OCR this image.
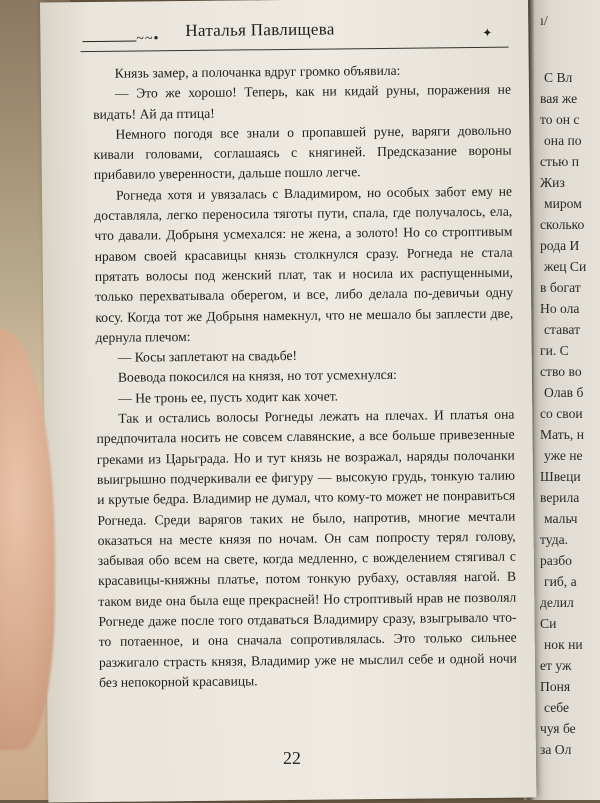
ı/
С Вл
вая же
то он с
она по
стью п
Жиз
миром
сколько
рода И
жец Си
в богат
Но ола
стават
ги. С
ство во
Олав б
со свои
Мать, н
уже не
Швеци
верила
мальч
туда.
разбо
гиб, а
делил
Си
нок ни
ет уж
Поня
себе
чуя бе
за Ол
~~• Наталья Павлищева	✦

Князь замер, а полочанка вдруг громко объявила:

— Это же хорошо! Теперь, как ни кидай руны, поражения не видать! Ай да птица!

Немного погодя все знали о пропавшей руне, варяги довольно кивали головами, соглашаясь с княгиней. Предсказание вороны прибавило уверенности, дальше пошло легче.

Рогнеда хотя и увязалась с Владимиром, но особых забот ему не доставляла, легко переносила тяготы пути, спала, где получалось, ела, что давали. Добрыня усмехался: не жена, а золото! Но со строптивым нравом своей красавицы князь столкнулся сразу. Рогнеда не стала прятать волосы под женский плат, так и носила их распущенными, только перехватывала оберегом, и все, либо делала по-девичьи одну косу. Когда тот же Добрыня намекнул, что не мешало бы заплести две, дернула плечом:

— Косы заплетают на свадьбе!

Воевода покосился на князя, но тот усмехнулся:

— Не тронь ее, пусть ходит как хочет.

Так и остались волосы Рогнеды лежать на плечах. И платья она предпочитала носить не совсем славянские, а все больше привезенные греками из Царьграда. Но и тут князь не возражал, наряды полочанки выигрышно подчеркивали ее фигуру — высокую грудь, тонкую талию и крутые бедра. Владимир не думал, что кому-то может не понравиться Рогнеда. Среди варягов таких не было, напротив, многие мечтали оказаться на месте князя по ночам. Он сам попросту терял голову, забывая обо всем на свете, когда медленно, с вожделением стягивал с красавицы-княжны платье, потом тонкую рубаху, оставляя нагой. В таком виде она была еще прекрасней! Но строптивый нрав не позволял Рогнеде даже после того отдаваться Владимиру сразу, взыгрывало что-то потаенное, и она сначала сопротивлялась. Это только сильнее разжигало страсть князя, Владимир уже не мыслил себе и одной ночи без непокорной красавицы.

22
